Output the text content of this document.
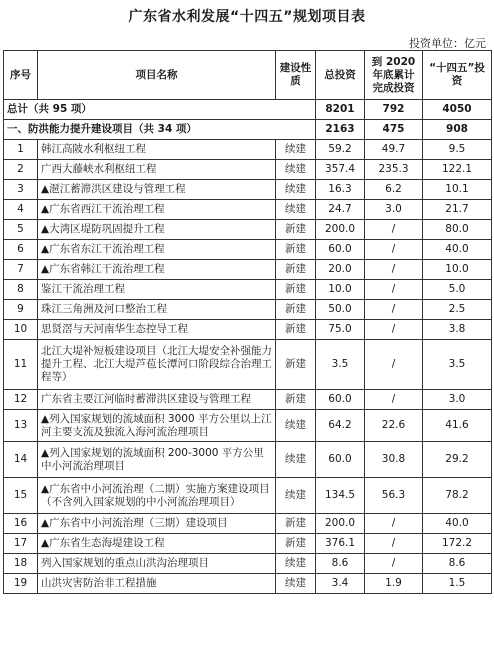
广东省水利发展“十四五”规划项目表
投资单位：亿元
序号	项目名称	建设性质	总投资	到 2020 年底累计完成投资	“十四五”投资
总计（共 95 项）			8201	792	4050
一、防洪能力提升建设项目（共 34 项）			2163	475	908
1	韩江高陂水利枢纽工程	续建	59.2	49.7	9.5
2	广西大藤峡水利枢纽工程	续建	357.4	235.3	122.1
3	▲潖江蓄滞洪区建设与管理工程	续建	16.3	6.2	10.1
4	▲广东省西江干流治理工程	续建	24.7	3.0	21.7
5	▲大湾区堤防巩固提升工程	新建	200.0	/	80.0
6	▲广东省东江干流治理工程	新建	60.0	/	40.0
7	▲广东省韩江干流治理工程	新建	20.0	/	10.0
8	鉴江干流治理工程	新建	10.0	/	5.0
9	珠江三角洲及河口整治工程	新建	50.0	/	2.5
10	思贤滘与天河南华生态控导工程	新建	75.0	/	3.8
11	北江大堤补短板建设项目（北江大堤安全补强能力提升工程、北江大堤芦苞长潭河口阶段综合治理工程等）	新建	3.5	/	3.5
12	广东省主要江河临时蓄滞洪区建设与管理工程	新建	60.0	/	3.0
13	▲列入国家规划的流域面积 3000 平方公里以上江河主要支流及独流入海河流治理项目	续建	64.2	22.6	41.6
14	▲列入国家规划的流域面积 200-3000 平方公里中小河流治理项目	续建	60.0	30.8	29.2
15	▲广东省中小河流治理（二期）实施方案建设项目（不含列入国家规划的中小河流治理项目）	续建	134.5	56.3	78.2
16	▲广东省中小河流治理（三期）建设项目	新建	200.0	/	40.0
17	▲广东省生态海堤建设工程	新建	376.1	/	172.2
18	列入国家规划的重点山洪沟治理项目	续建	8.6	/	8.6
19	山洪灾害防治非工程措施	续建	3.4	1.9	1.5
